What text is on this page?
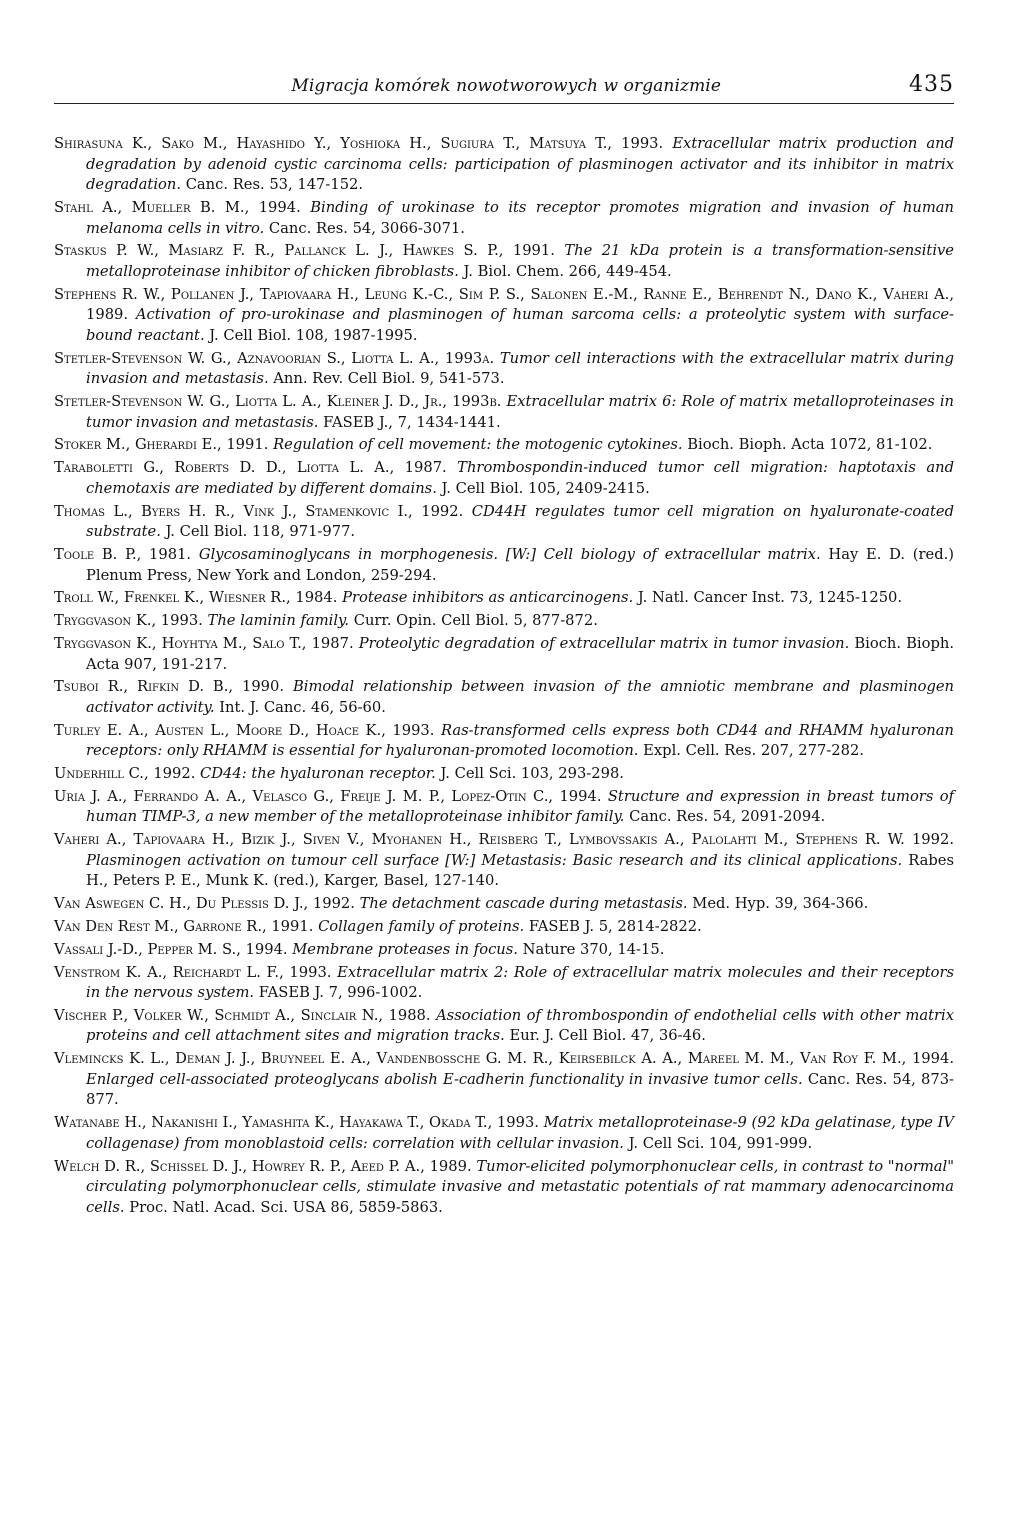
Migracja komórek nowotworowych w organizmie	435

Shirasuna K., Sako M., Hayashido Y., Yoshioka H., Sugiura T., Matsuya T., 1993. Extracellular matrix production and degradation by adenoid cystic carcinoma cells: participation of plasminogen activator and its inhibitor in matrix degradation. Canc. Res. 53, 147-152.

Stahl A., Mueller B. M., 1994. Binding of urokinase to its receptor promotes migration and invasion of human melanoma cells in vitro. Canc. Res. 54, 3066-3071.

Staskus P. W., Masiarz F. R., Pallanck L. J., Hawkes S. P., 1991. The 21 kDa protein is a transformation-sensitive metalloproteinase inhibitor of chicken fibroblasts. J. Biol. Chem. 266, 449-454.

Stephens R. W., Pollanen J., Tapiovaara H., Leung K.-C., Sim P. S., Salonen E.-M., Ranne E., Behrendt N., Dano K., Vaheri A., 1989. Activation of pro-urokinase and plasminogen of human sarcoma cells: a proteolytic system with surface-bound reactant. J. Cell Biol. 108, 1987-1995.

Stetler-Stevenson W. G., Aznavoorian S., Liotta L. A., 1993a. Tumor cell interactions with the extracellular matrix during invasion and metastasis. Ann. Rev. Cell Biol. 9, 541-573.

Stetler-Stevenson W. G., Liotta L. A., Kleiner J. D., Jr., 1993b. Extracellular matrix 6: Role of matrix metalloproteinases in tumor invasion and metastasis. FASEB J., 7, 1434-1441.

Stoker M., Gherardi E., 1991. Regulation of cell movement: the motogenic cytokines. Bioch. Bioph. Acta 1072, 81-102.

Taraboletti G., Roberts D. D., Liotta L. A., 1987. Thrombospondin-induced tumor cell migration: haptotaxis and chemotaxis are mediated by different domains. J. Cell Biol. 105, 2409-2415.

Thomas L., Byers H. R., Vink J., Stamenkovic I., 1992. CD44H regulates tumor cell migration on hyaluronate-coated substrate. J. Cell Biol. 118, 971-977.

Toole B. P., 1981. Glycosaminoglycans in morphogenesis. [W:] Cell biology of extracellular matrix. Hay E. D. (red.) Plenum Press, New York and London, 259-294.

Troll W., Frenkel K., Wiesner R., 1984. Protease inhibitors as anticarcinogens. J. Natl. Cancer Inst. 73, 1245-1250.

Tryggvason K., 1993. The laminin family. Curr. Opin. Cell Biol. 5, 877-872.

Tryggvason K., Hoyhtya M., Salo T., 1987. Proteolytic degradation of extracellular matrix in tumor invasion. Bioch. Bioph. Acta 907, 191-217.

Tsuboi R., Rifkin D. B., 1990. Bimodal relationship between invasion of the amniotic membrane and plasminogen activator activity. Int. J. Canc. 46, 56-60.

Turley E. A., Austen L., Moore D., Hoace K., 1993. Ras-transformed cells express both CD44 and RHAMM hyaluronan receptors: only RHAMM is essential for hyaluronan-promoted locomotion. Expl. Cell. Res. 207, 277-282.

Underhill C., 1992. CD44: the hyaluronan receptor. J. Cell Sci. 103, 293-298.

Uria J. A., Ferrando A. A., Velasco G., Freije J. M. P., Lopez-Otin C., 1994. Structure and expression in breast tumors of human TIMP-3, a new member of the metalloproteinase inhibitor family. Canc. Res. 54, 2091-2094.

Vaheri A., Tapiovaara H., Bizik J., Siven V., Myohanen H., Reisberg T., Lymbovssakis A., Palolahti M., Stephens R. W. 1992. Plasminogen activation on tumour cell surface [W:] Metastasis: Basic research and its clinical applications. Rabes H., Peters P. E., Munk K. (red.), Karger, Basel, 127-140.

Van Aswegen C. H., Du Plessis D. J., 1992. The detachment cascade during metastasis. Med. Hyp. 39, 364-366.

Van Den Rest M., Garrone R., 1991. Collagen family of proteins. FASEB J. 5, 2814-2822.

Vassali J.-D., Pepper M. S., 1994. Membrane proteases in focus. Nature 370, 14-15.

Venstrom K. A., Reichardt L. F., 1993. Extracellular matrix 2: Role of extracellular matrix molecules and their receptors in the nervous system. FASEB J. 7, 996-1002.

Vischer P., Volker W., Schmidt A., Sinclair N., 1988. Association of thrombospondin of endothelial cells with other matrix proteins and cell attachment sites and migration tracks. Eur. J. Cell Biol. 47, 36-46.

Vlemincks K. L., Deman J. J., Bruyneel E. A., Vandenbossche G. M. R., Keirsebilck A. A., Mareel M. M., Van Roy F. M., 1994. Enlarged cell-associated proteoglycans abolish E-cadherin functionality in invasive tumor cells. Canc. Res. 54, 873-877.

Watanabe H., Nakanishi I., Yamashita K., Hayakawa T., Okada T., 1993. Matrix metalloproteinase-9 (92 kDa gelatinase, type IV collagenase) from monoblastoid cells: correlation with cellular invasion. J. Cell Sci. 104, 991-999.

Welch D. R., Schissel D. J., Howrey R. P., Aeed P. A., 1989. Tumor-elicited polymorphonuclear cells, in contrast to "normal" circulating polymorphonuclear cells, stimulate invasive and metastatic potentials of rat mammary adenocarcinoma cells. Proc. Natl. Acad. Sci. USA 86, 5859-5863.
